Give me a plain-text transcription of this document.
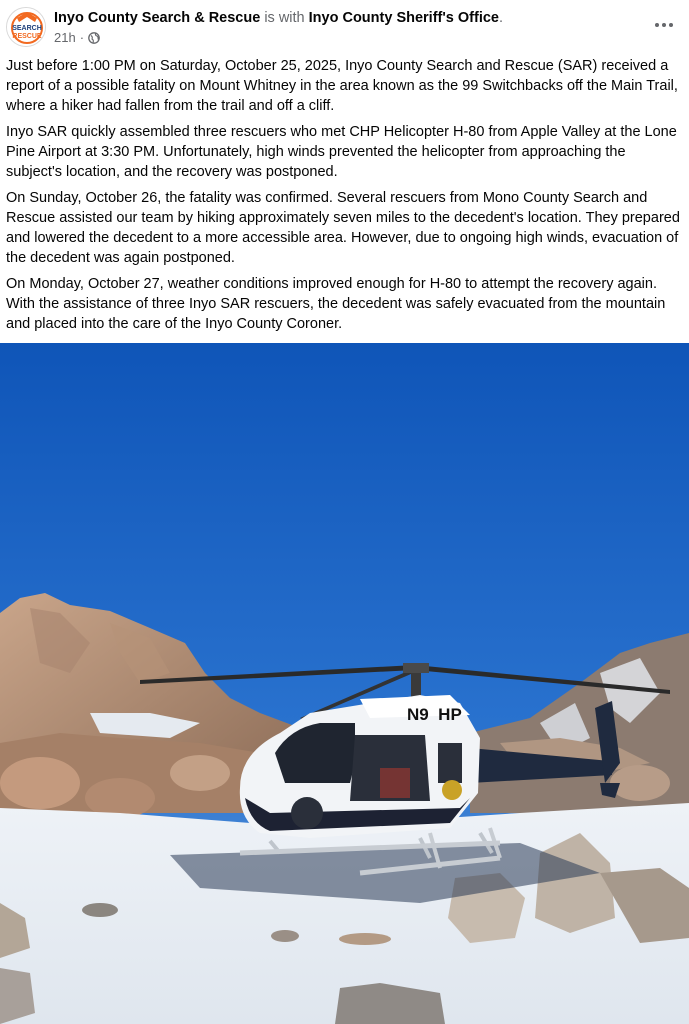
SEARCH
RESCUE
Inyo County Search & Rescue is with Inyo County Sheriff's Office.
21h ·

Just before 1:00 PM on Saturday, October 25, 2025, Inyo County Search and Rescue (SAR) received a report of a possible fatality on Mount Whitney in the area known as the 99 Switchbacks off the Main Trail, where a hiker had fallen from the trail and off a cliff.

Inyo SAR quickly assembled three rescuers who met CHP Helicopter H-80 from Apple Valley at the Lone Pine Airport at 3:30 PM. Unfortunately, high winds prevented the helicopter from approaching the subject's location, and the recovery was postponed.

On Sunday, October 26, the fatality was confirmed. Several rescuers from Mono County Search and Rescue assisted our team by hiking approximately seven miles to the decedent's location. They prepared and lowered the decedent to a more accessible area. However, due to ongoing high winds, evacuation of the decedent was again postponed.

On Monday, October 27, weather conditions improved enough for H-80 to attempt the recovery again. With the assistance of three Inyo SAR rescuers, the decedent was safely evacuated from the mountain and placed into the care of the Inyo County Coroner.

N9  HP
